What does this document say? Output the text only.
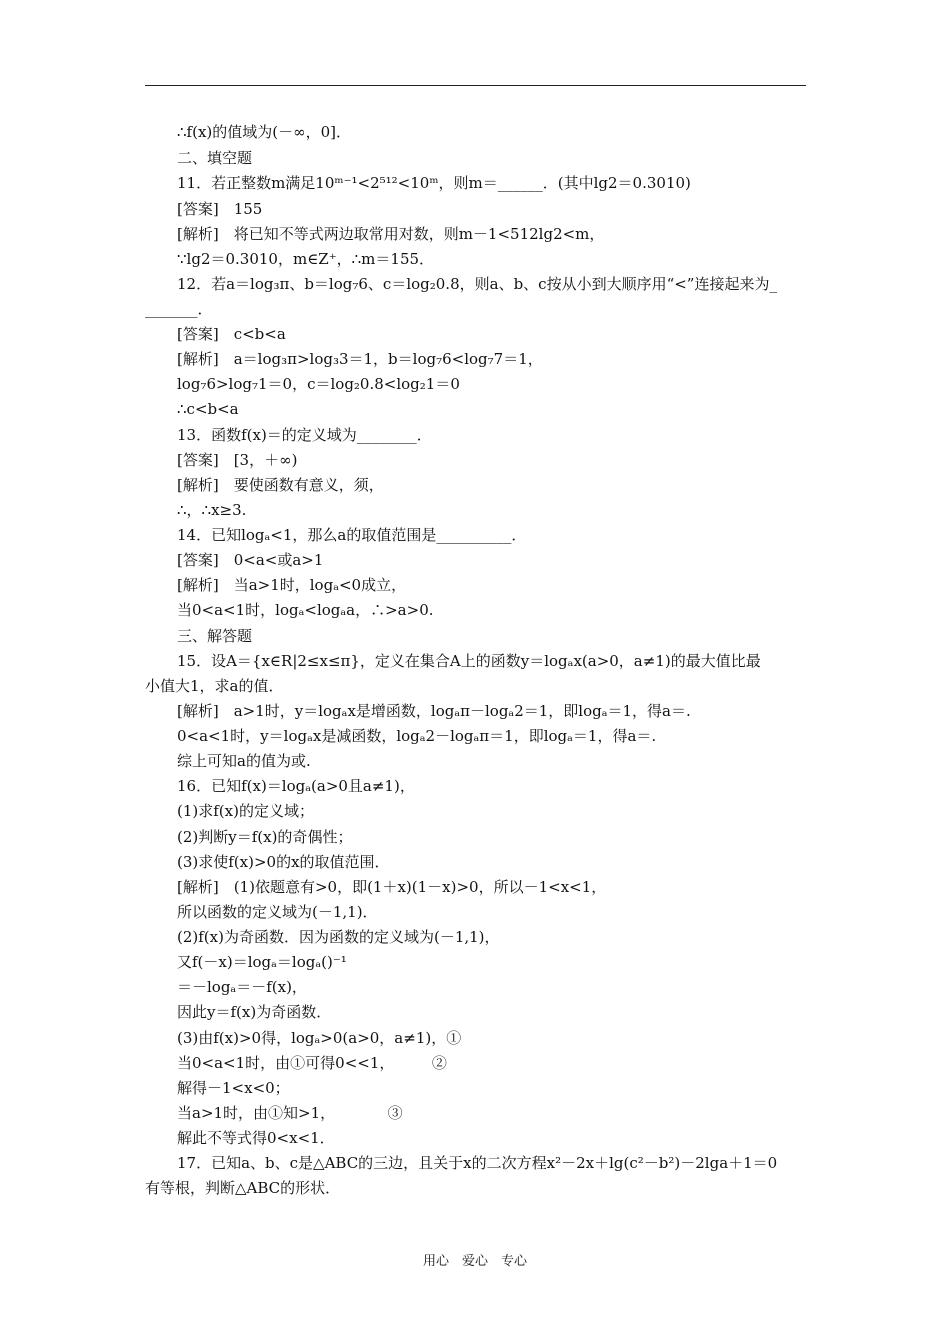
∴f(x)的值域为(－∞，0]．
二、填空题
11．若正整数m满足10ᵐ⁻¹<2⁵¹²<10ᵐ，则m＝______．(其中lg2＝0.3010)
[答案]　155
[解析]　将已知不等式两边取常用对数，则m－1<512lg2<m，
∵lg2＝0.3010，m∈Z⁺，∴m＝155．
12．若a＝log₃π、b＝log₇6、c＝log₂0.8，则a、b、c按从小到大顺序用“<”连接起来为_
_______．
[答案]　c<b<a
[解析]　a＝log₃π>log₃3＝1，b＝log₇6<log₇7＝1，
log₇6>log₇1＝0，c＝log₂0.8<log₂1＝0
∴c<b<a
13．函数f(x)＝的定义域为________．
[答案]　[3，＋∞)
[解析]　要使函数有意义，须，
∴，∴x≥3.
14．已知logₐ<1，那么a的取值范围是__________．
[答案]　0<a<或a>1
[解析]　当a>1时，logₐ<0成立，
当0<a<1时，logₐ<logₐa，∴>a>0.
三、解答题
15．设A＝{x∈R|2≤x≤π}，定义在集合A上的函数y＝logₐx(a>0，a≠1)的最大值比最
小值大1，求a的值．
[解析]　a>1时，y＝logₐx是增函数，logₐπ－logₐ2＝1，即logₐ＝1，得a＝.
0<a<1时，y＝logₐx是减函数，logₐ2－logₐπ＝1，即logₐ＝1，得a＝.
综上可知a的值为或.
16．已知f(x)＝logₐ(a>0且a≠1)，
(1)求f(x)的定义域；
(2)判断y＝f(x)的奇偶性；
(3)求使f(x)>0的x的取值范围．
[解析]　(1)依题意有>0，即(1＋x)(1－x)>0，所以－1<x<1，
所以函数的定义域为(－1,1)．
(2)f(x)为奇函数．因为函数的定义域为(－1,1)，
又f(－x)＝logₐ＝logₐ()⁻¹
＝－logₐ＝－f(x)，
因此y＝f(x)为奇函数．
(3)由f(x)>0得，logₐ>0(a>0，a≠1)，①
当0<a<1时，由①可得0<<1，　　　②
解得－1<x<0；
当a>1时，由①知>1，　　　　③
解此不等式得0<x<1．
17．已知a、b、c是△ABC的三边，且关于x的二次方程x²－2x＋lg(c²－b²)－2lga＋1＝0
有等根，判断△ABC的形状．
用心　爱心　专心
